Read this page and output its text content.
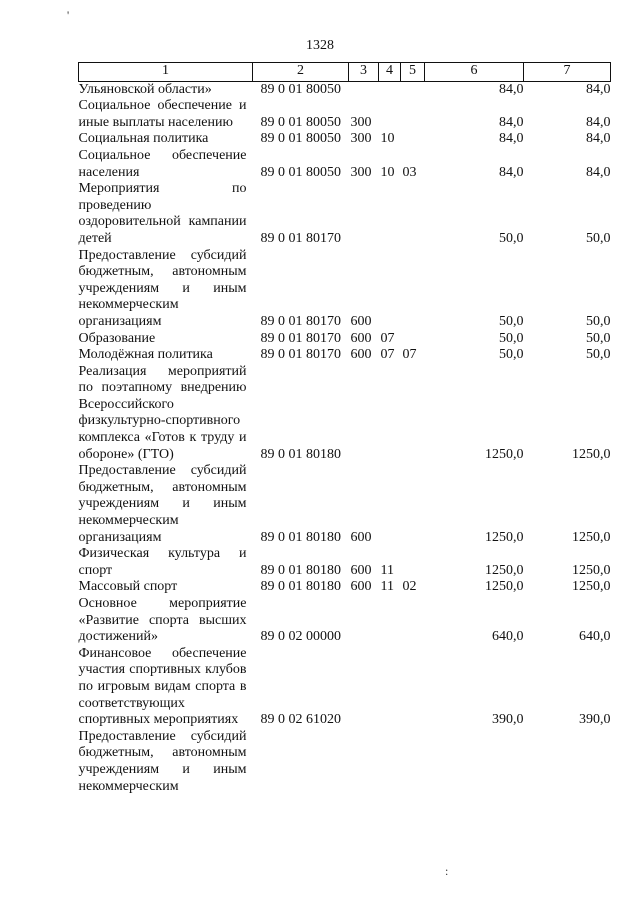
1328
1	2	3	4	5	6	7
Ульяновской области»	89 0 01 80050				84,0	84,0
Социальное обеспечение и иные выплаты населению	89 0 01 80050	300			84,0	84,0
Социальная политика	89 0 01 80050	300	10		84,0	84,0
Социальное обеспечение населения	89 0 01 80050	300	10	03	84,0	84,0
Мероприятия по проведению оздоровительной кампании детей	89 0 01 80170				50,0	50,0
Предоставление субсидий бюджетным, автономным учреждениям и иным некоммерческим организациям	89 0 01 80170	600			50,0	50,0
Образование	89 0 01 80170	600	07		50,0	50,0
Молодёжная политика	89 0 01 80170	600	07	07	50,0	50,0
Реализация мероприятий по поэтапному внедрению Всероссийского физкультурно-спортивного комплекса «Готов к труду и обороне» (ГТО)	89 0 01 80180				1250,0	1250,0
Предоставление субсидий бюджетным, автономным учреждениям и иным некоммерческим организациям	89 0 01 80180	600			1250,0	1250,0
Физическая культура и спорт	89 0 01 80180	600	11		1250,0	1250,0
Массовый спорт	89 0 01 80180	600	11	02	1250,0	1250,0
Основное мероприятие «Развитие спорта высших достижений»	89 0 02 00000				640,0	640,0
Финансовое обеспечение участия спортивных клубов по игровым видам спорта в соответствующих спортивных мероприятиях	89 0 02 61020				390,0	390,0
Предоставление субсидий бюджетным, автономным учреждениям и иным некоммерческим						
'
:
